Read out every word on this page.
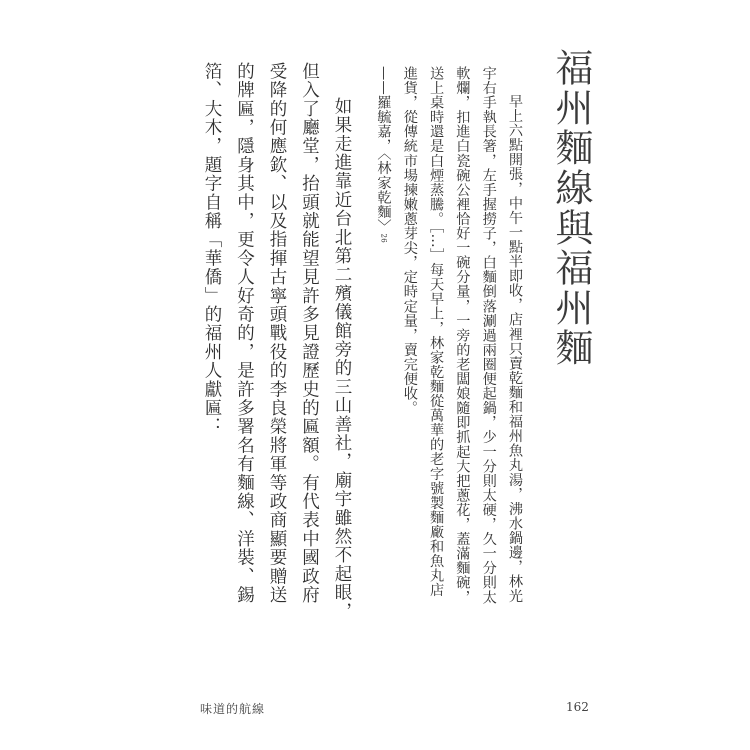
福州麵線與福州麵

早上六點開張，中午一點半即收，店裡只賣乾麵和福州魚丸湯，沸水鍋邊，林光宇右手執長箸，左手握撈子，白麵倒落涮過兩圈便起鍋，少一分則太硬，久一分則太軟爛，扣進白瓷碗公裡恰好一碗分量，一旁的老闆娘隨即抓起大把蔥花，蓋滿麵碗，送上桌時還是白煙蒸騰。［…］每天早上，林家乾麵從萬華的老字號製麵廠和魚丸店進貨，從傳統市場揀嫩蔥芽尖，定時定量，賣完便收。

——羅毓嘉，〈林家乾麵〉26

如果走進靠近台北第二殯儀館旁的三山善社，廟宇雖然不起眼，但入了廳堂，抬頭就能望見許多見證歷史的匾額。有代表中國政府受降的何應欽、以及指揮古寧頭戰役的李良榮將軍等政商顯要贈送的牌匾，隱身其中，更令人好奇的，是許多署名有麵線、洋裝、錫箔、大木，題字自稱「華僑」的福州人獻匾：

味道的航線	162
